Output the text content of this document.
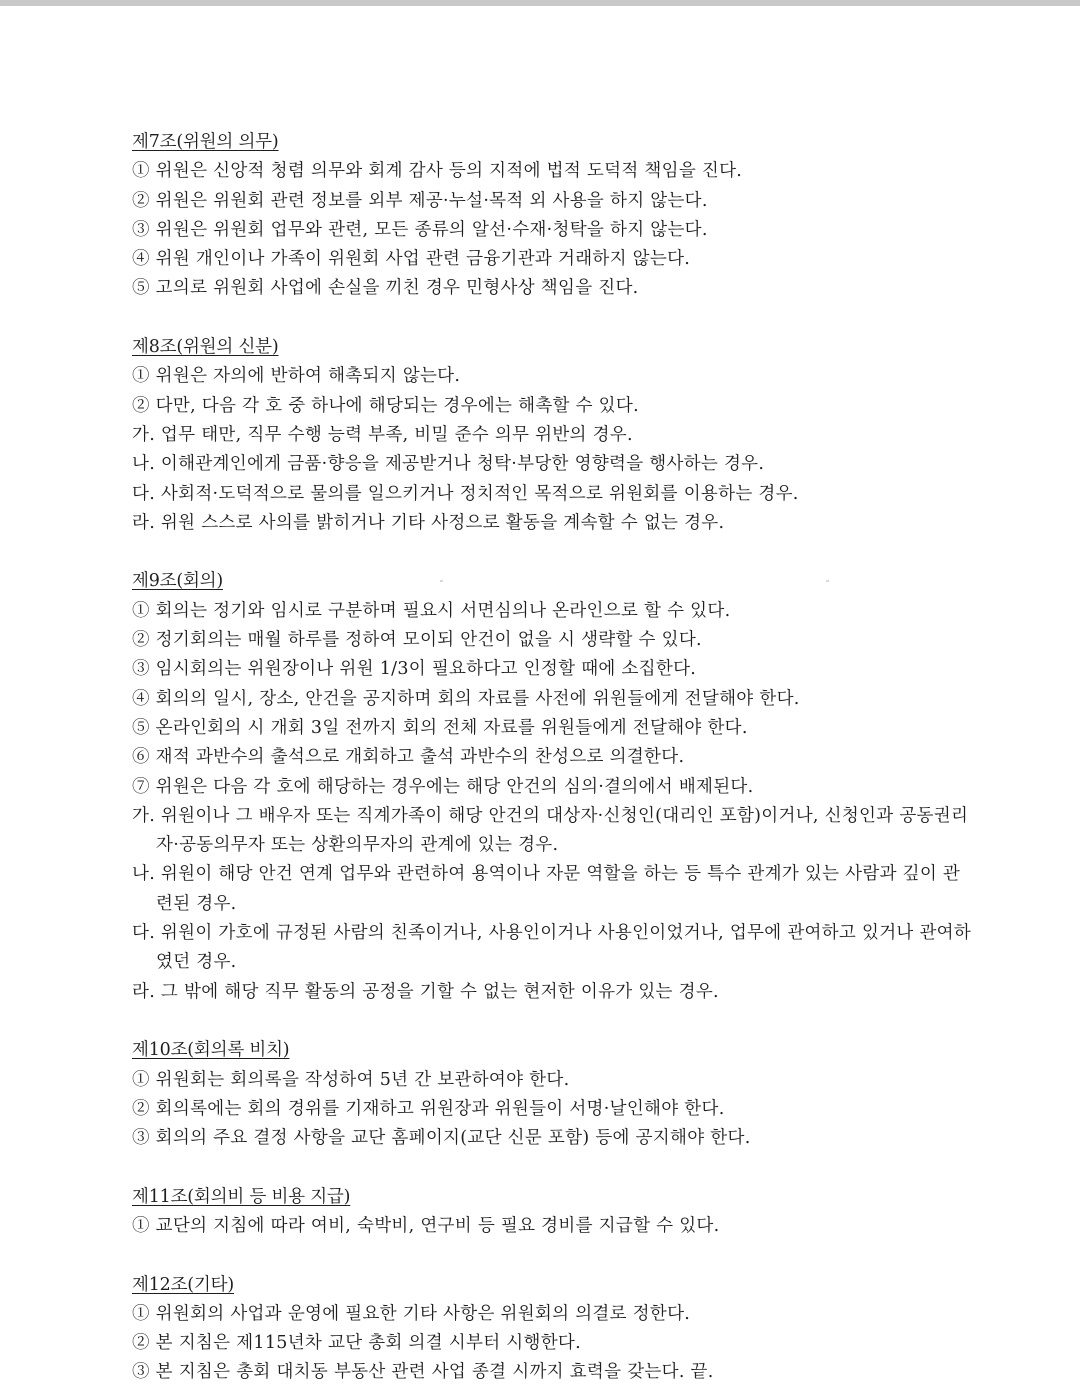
제7조(위원의 의무)
① 위원은 신앙적 청렴 의무와 회계 감사 등의 지적에 법적 도덕적 책임을 진다.
② 위원은 위원회 관련 정보를 외부 제공·누설·목적 외 사용을 하지 않는다.
③ 위원은 위원회 업무와 관련, 모든 종류의 알선·수재·청탁을 하지 않는다.
④ 위원 개인이나 가족이 위원회 사업 관련 금융기관과 거래하지 않는다.
⑤ 고의로 위원회 사업에 손실을 끼친 경우 민형사상 책임을 진다.
제8조(위원의 신분)
① 위원은 자의에 반하여 해촉되지 않는다.
② 다만, 다음 각 호 중 하나에 해당되는 경우에는 해촉할 수 있다.
가. 업무 태만, 직무 수행 능력 부족, 비밀 준수 의무 위반의 경우.
나. 이해관계인에게 금품·향응을 제공받거나 청탁·부당한 영향력을 행사하는 경우.
다. 사회적·도덕적으로 물의를 일으키거나 정치적인 목적으로 위원회를 이용하는 경우.
라. 위원 스스로 사의를 밝히거나 기타 사정으로 활동을 계속할 수 없는 경우.
제9조(회의)
① 회의는 정기와 임시로 구분하며 필요시 서면심의나 온라인으로 할 수 있다.
② 정기회의는 매월 하루를 정하여 모이되 안건이 없을 시 생략할 수 있다.
③ 임시회의는 위원장이나 위원 1/3이 필요하다고 인정할 때에 소집한다.
④ 회의의 일시, 장소, 안건을 공지하며 회의 자료를 사전에 위원들에게 전달해야 한다.
⑤ 온라인회의 시 개회 3일 전까지 회의 전체 자료를 위원들에게 전달해야 한다.
⑥ 재적 과반수의 출석으로 개회하고 출석 과반수의 찬성으로 의결한다.
⑦ 위원은 다음 각 호에 해당하는 경우에는 해당 안건의 심의·결의에서 배제된다.
가. 위원이나 그 배우자 또는 직계가족이 해당 안건의 대상자·신청인(대리인 포함)이거나, 신청인과 공동권리자·공동의무자 또는 상환의무자의 관계에 있는 경우.
나. 위원이 해당 안건 연계 업무와 관련하여 용역이나 자문 역할을 하는 등 특수 관계가 있는 사람과 깊이 관련된 경우.
다. 위원이 가호에 규정된 사람의 친족이거나, 사용인이거나 사용인이었거나, 업무에 관여하고 있거나 관여하였던 경우.
라. 그 밖에 해당 직무 활동의 공정을 기할 수 없는 현저한 이유가 있는 경우.
제10조(회의록 비치)
① 위원회는 회의록을 작성하여 5년 간 보관하여야 한다.
② 회의록에는 회의 경위를 기재하고 위원장과 위원들이 서명·날인해야 한다.
③ 회의의 주요 결정 사항을 교단 홈페이지(교단 신문 포함) 등에 공지해야 한다.
제11조(회의비 등 비용 지급)
① 교단의 지침에 따라 여비, 숙박비, 연구비 등 필요 경비를 지급할 수 있다.
제12조(기타)
① 위원회의 사업과 운영에 필요한 기타 사항은 위원회의 의결로 정한다.
② 본 지침은 제115년차 교단 총회 의결 시부터 시행한다.
③ 본 지침은 총회 대치동 부동산 관련 사업 종결 시까지 효력을 갖는다. 끝.
